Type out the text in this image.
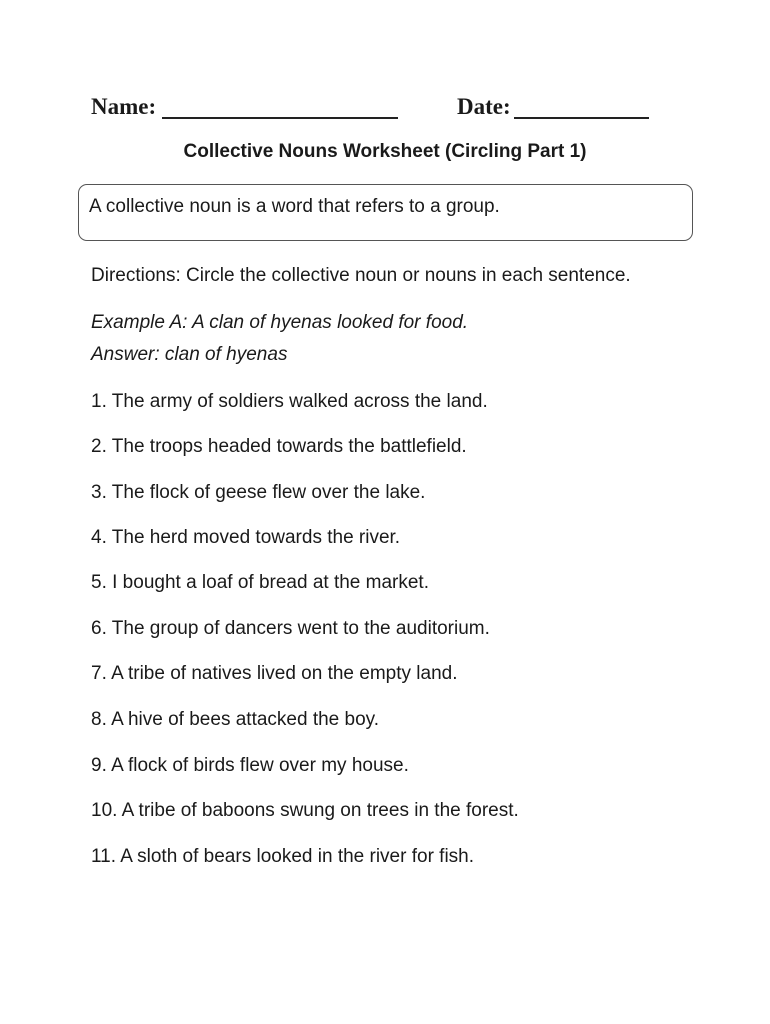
Name:	Date:
Collective Nouns Worksheet (Circling Part 1)
A collective noun is a word that refers to a group.
Directions: Circle the collective noun or nouns in each sentence.
Example A: A clan of hyenas looked for food.
Answer: clan of hyenas
1. The army of soldiers walked across the land.
2. The troops headed towards the battlefield.
3. The flock of geese flew over the lake.
4. The herd moved towards the river.
5. I bought a loaf of bread at the market.
6. The group of dancers went to the auditorium.
7. A tribe of natives lived on the empty land.
8. A hive of bees attacked the boy.
9. A flock of birds flew over my house.
10. A tribe of baboons swung on trees in the forest.
11. A sloth of bears looked in the river for fish.
